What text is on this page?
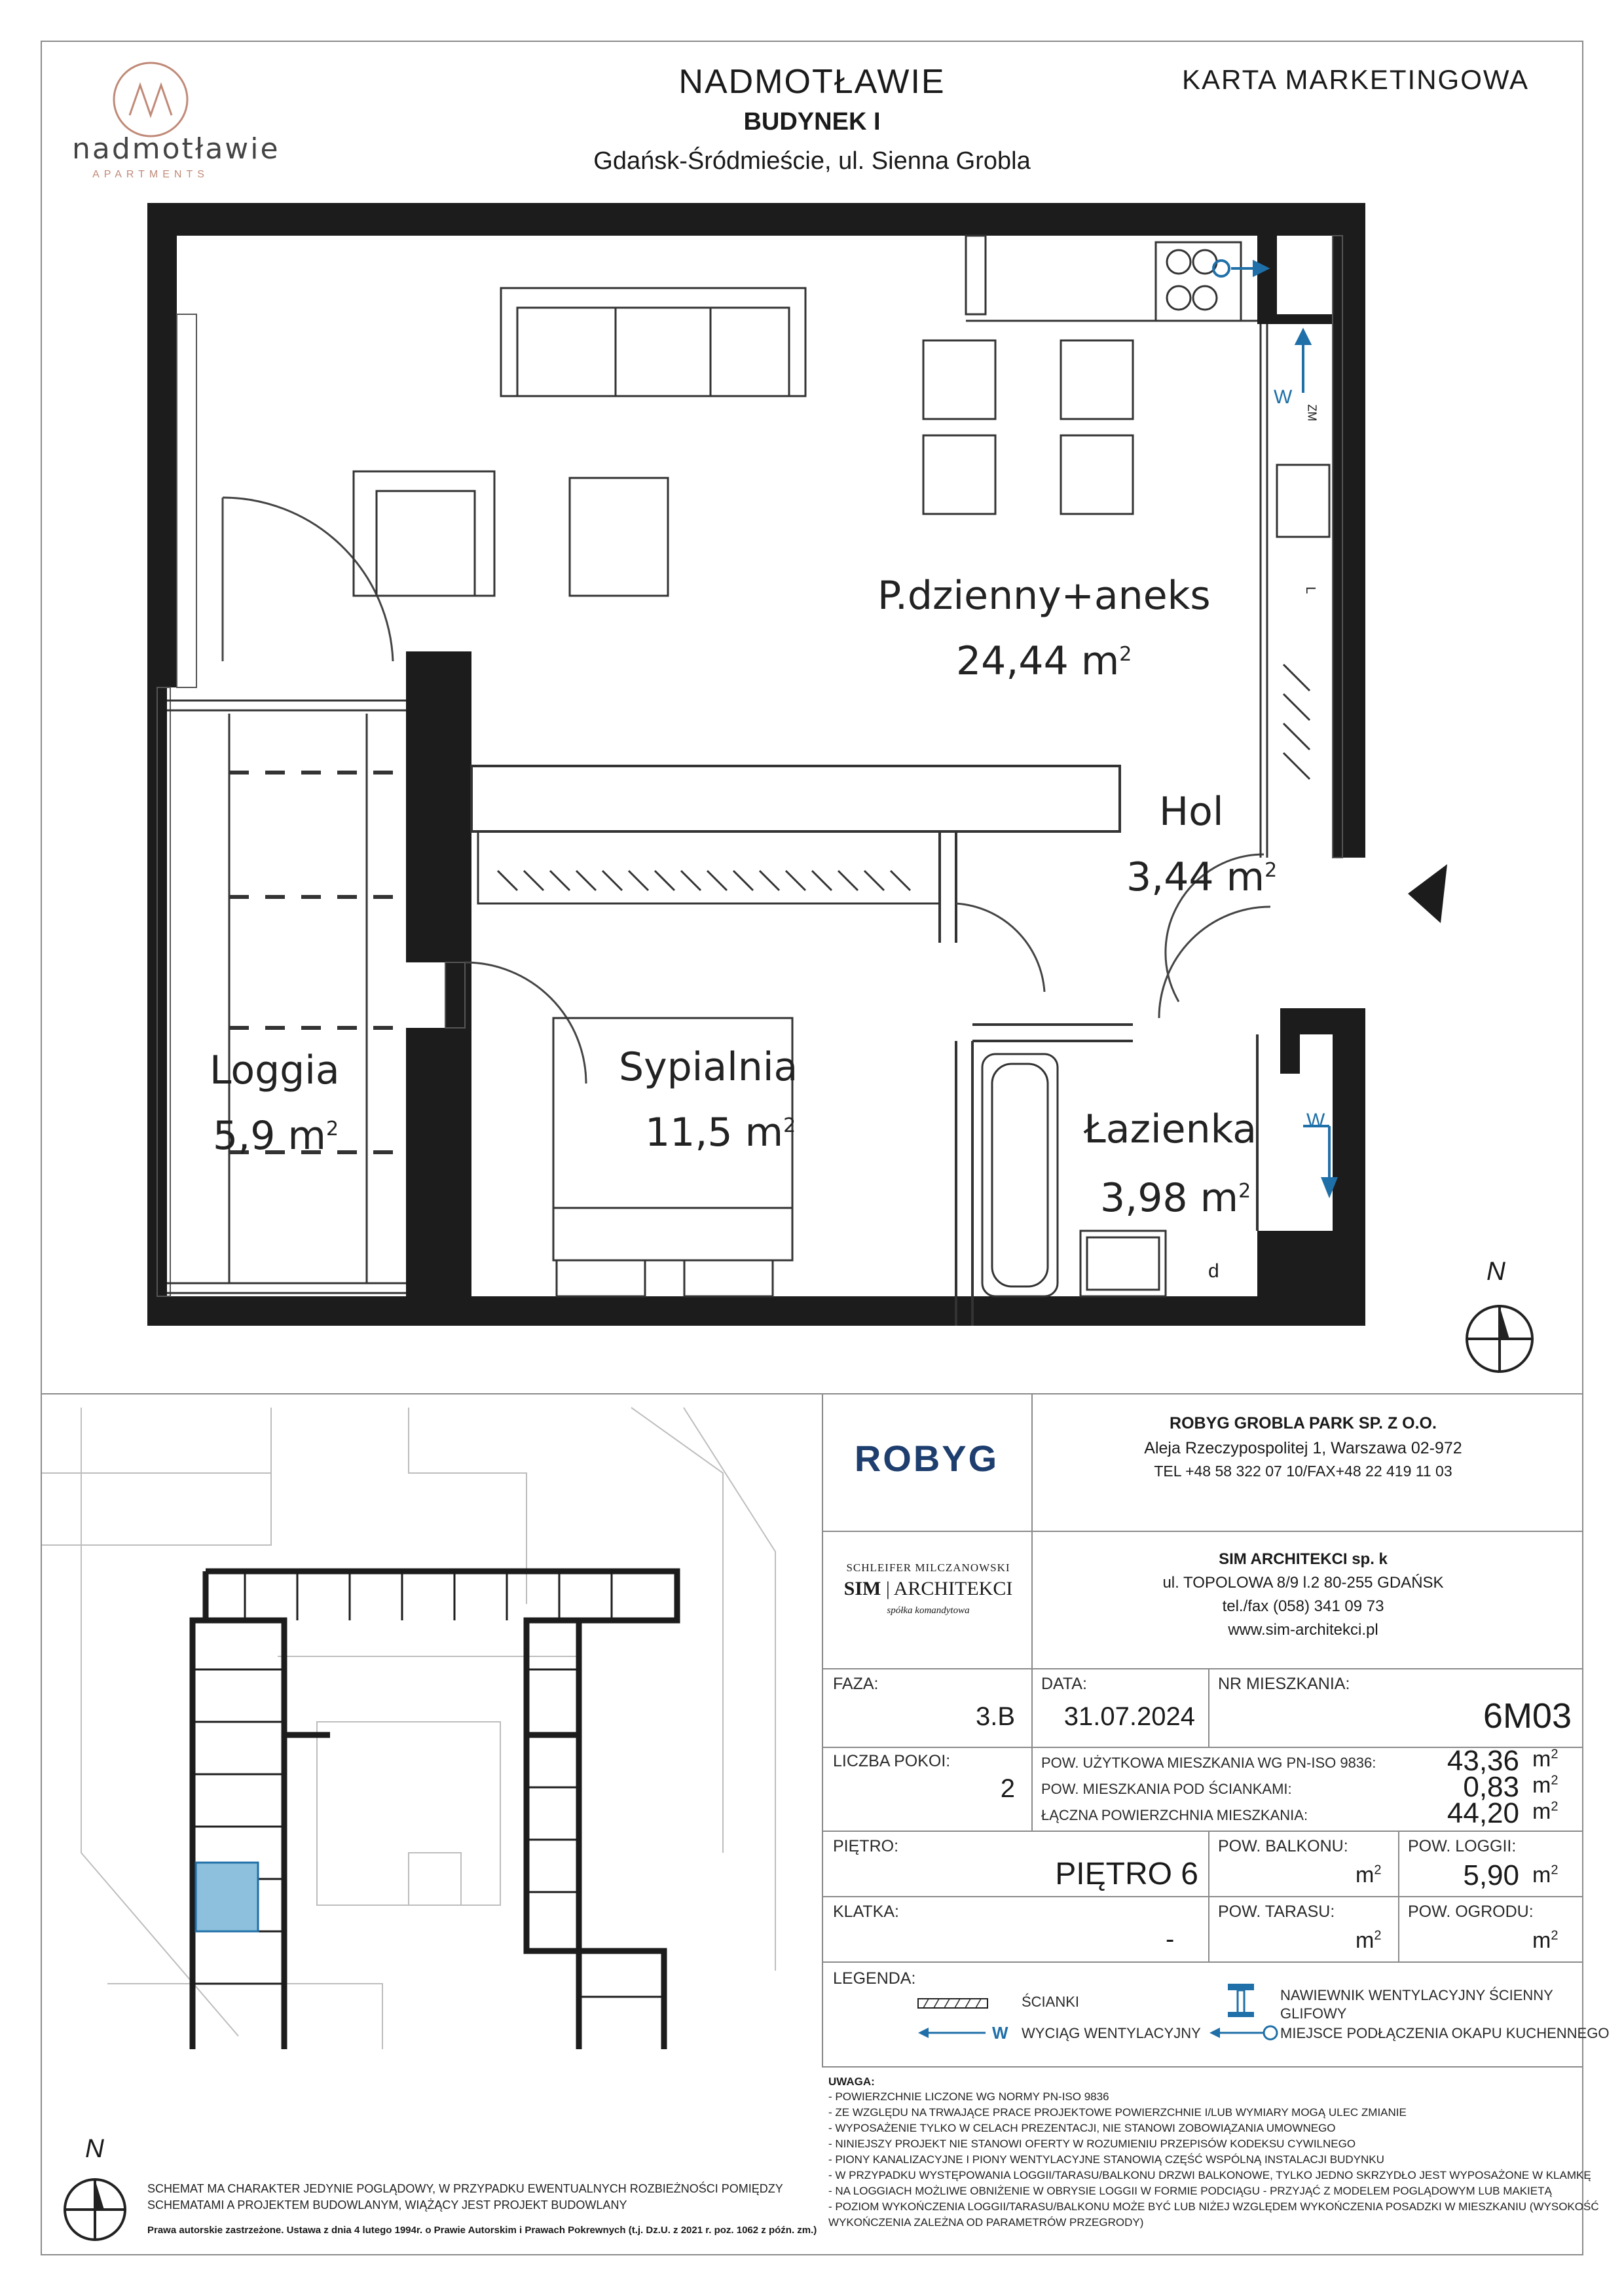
nadmotławie
APARTMENTS
NADMOTŁAWIE
BUDYNEK I
Gdańsk-Śródmieście, ul. Sienna Grobla
KARTA MARKETINGOWA
W
ZM
L
W
d
P.dzienny+aneks
24,44 $m^2$
Hol
3,44 $m^2$
Loggia
5,9 $m^2$
Sypialnia
11,5 $m^2$	Łazienka
3,98 $m^2$
N
N
SCHEMAT MA CHARAKTER JEDYNIE POGLĄDOWY, W PRZYPADKU EWENTUALNYCH ROZBIEŻNOŚCI POMIĘDZY
SCHEMATAMI A PROJEKTEM BUDOWLANYM, WIĄŻĄCY JEST PROJEKT BUDOWLANY
Prawa autorskie zastrzeżone. Ustawa z dnia 4 lutego 1994r. o Prawie Autorskim i Prawach Pokrewnych (t.j. Dz.U. z 2021 r. poz. 1062 z późn. zm.)
ROBYG
ROBYG GROBLA PARK SP. Z O.O.
Aleja Rzeczypospolitej 1, Warszawa 02-972
TEL +48 58 322 07 10/FAX+48 22 419 11 03
SCHLEIFER MILCZANOWSKI
SIM | ARCHITEKCI
spółka komandytowa
SIM ARCHITEKCI sp. k
ul. TOPOLOWA 8/9 l.2 80-255 GDAŃSK
tel./fax (058) 341 09 73
www.sim-architekci.pl
FAZA:
3.B
DATA:
31.07.2024
NR MIESZKANIA:
6M03
LICZBA POKOI:
2
POW. UŻYTKOWA MIESZKANIA WG PN-ISO 9836:	43,36 $m^2$
POW. MIESZKANIA POD ŚCIANKAMI:	0,83 $m^2$
ŁĄCZNA POWIERZCHNIA MIESZKANIA:	44,20 $m^2$
PIĘTRO:
PIĘTRO 6
POW. BALKONU:
$m^2$
POW. LOGGII:
5,90 $m^2$
KLATKA:
-
POW. TARASU:
$m^2$
POW. OGRODU:
$m^2$
LEGENDA:
ŚCIANKI
W WYCIĄG WENTYLACYJNY
NAWIEWNIK WENTYLACYJNY ŚCIENNY
GLIFOWY
MIEJSCE PODŁĄCZENIA OKAPU KUCHENNEGO
UWAGA:
- POWIERZCHNIE LICZONE WG NORMY PN-ISO 9836
- ZE WZGLĘDU NA TRWAJĄCE PRACE PROJEKTOWE POWIERZCHNIE I/LUB WYMIARY MOGĄ ULEC ZMIANIE
- WYPOSAŻENIE TYLKO W CELACH PREZENTACJI, NIE STANOWI ZOBOWIĄZANIA UMOWNEGO
- NINIEJSZY PROJEKT NIE STANOWI OFERTY W ROZUMIENIU PRZEPISÓW KODEKSU CYWILNEGO
- PIONY KANALIZACYJNE I PIONY WENTYLACYJNE STANOWIĄ CZĘŚĆ WSPÓLNĄ INSTALACJI BUDYNKU
- W PRZYPADKU WYSTĘPOWANIA LOGGII/TARASU/BALKONU DRZWI BALKONOWE, TYLKO JEDNO SKRZYDŁO JEST WYPOSAŻONE W KLAMKĘ
- NA LOGGIACH MOŻLIWE OBNIŻENIE W OBRYSIE LOGGII W FORMIE PODCIĄGU - PRZYJĄĆ Z MODELEM POGLĄDOWYM LUB MAKIETĄ
- POZIOM WYKOŃCZENIA LOGGII/TARASU/BALKONU MOŻE BYĆ LUB NIŻEJ WZGLĘDEM WYKOŃCZENIA POSADZKI W MIESZKANIU (WYSOKOŚĆ
WYKOŃCZENIA ZALEŻNA OD PARAMETRÓW PRZEGRODY)
